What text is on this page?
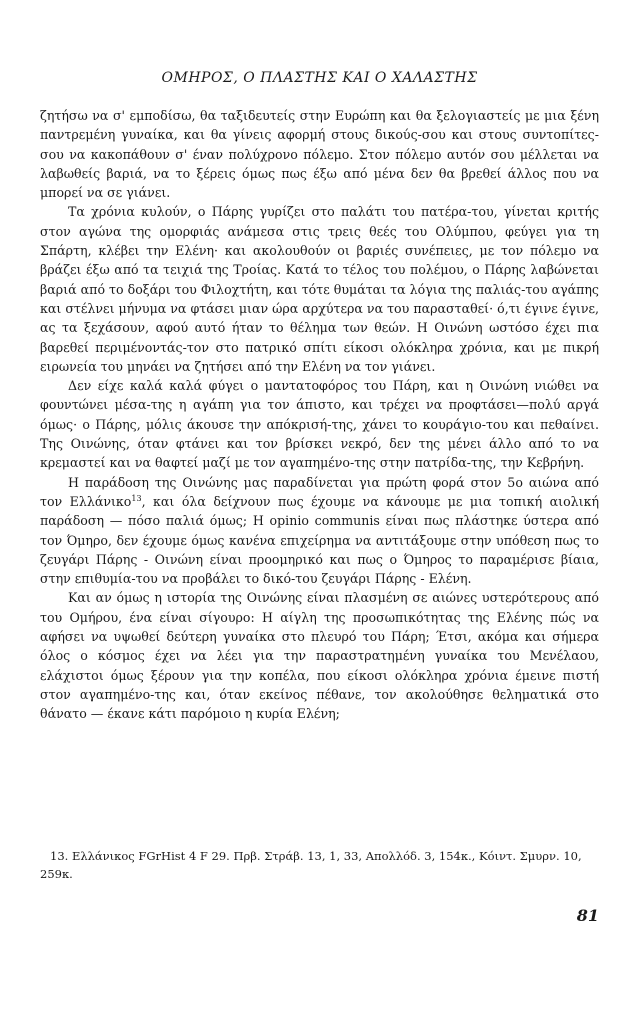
ΟΜΗΡΟΣ, Ο ΠΛΑΣΤΗΣ ΚΑΙ Ο ΧΑΛΑΣΤΗΣ

ζητήσω να σ' εμποδίσω, θα ταξιδευτείς στην Ευρώπη και θα ξελογιαστείς με μια ξένη παντρεμένη γυναίκα, και θα γίνεις αφορμή στους δικούς-σου και στους συντοπίτες-σου να κακοπάθουν σ' έναν πολύχρονο πόλεμο. Στον πόλεμο αυτόν σου μέλλεται να λαβωθείς βαριά, να το ξέρεις όμως πως έξω από μένα δεν θα βρεθεί άλλος που να μπορεί να σε γιάνει.

Τα χρόνια κυλούν, ο Πάρης γυρίζει στο παλάτι του πατέρα-του, γίνεται κριτής στον αγώνα της ομορφιάς ανάμεσα στις τρεις θεές του Ολύμπου, φεύγει για τη Σπάρτη, κλέβει την Ελένη· και ακολουθούν οι βαριές συνέπειες, με τον πόλεμο να βράζει έξω από τα τειχιά της Τροίας. Κατά το τέλος του πολέμου, ο Πάρης λαβώνεται βαριά από το δοξάρι του Φιλοχτήτη, και τότε θυμάται τα λόγια της παλιάς-του αγάπης και στέλνει μήνυμα να φτάσει μιαν ώρα αρχύτερα να του παρασταθεί· ό,τι έγινε έγινε, ας τα ξεχάσουν, αφού αυτό ήταν το θέλημα των θεών. Η Οινώνη ωστόσο έχει πια βαρεθεί περιμένοντάς-τον στο πατρικό σπίτι είκοσι ολόκληρα χρόνια, και με πικρή ειρωνεία του μηνάει να ζητήσει από την Ελένη να τον γιάνει.

Δεν είχε καλά καλά φύγει ο μαντατοφόρος του Πάρη, και η Οινώνη νιώθει να φουντώνει μέσα-της η αγάπη για τον άπιστο, και τρέχει να προφτάσει—πολύ αργά όμως· ο Πάρης, μόλις άκουσε την απόκρισή-της, χάνει το κουράγιο-του και πεθαίνει. Της Οινώνης, όταν φτάνει και τον βρίσκει νεκρό, δεν της μένει άλλο από το να κρεμαστεί και να θαφτεί μαζί με τον αγαπημένο-της στην πατρίδα-της, την Κεβρήνη.

Η παράδοση της Οινώνης μας παραδίνεται για πρώτη φορά στον 5ο αιώνα από τον Ελλάνικο$^{13}$, και όλα δείχνουν πως έχουμε να κάνουμε με μια τοπική αιολική παράδοση — πόσο παλιά όμως; Η opinio communis είναι πως πλάστηκε ύστερα από τον Όμηρο, δεν έχουμε όμως κανένα επιχείρημα να αντιτάξουμε στην υπόθεση πως το ζευγάρι Πάρης - Οινώνη είναι προομηρικό και πως ο Όμηρος το παραμέρισε βίαια, στην επιθυμία-του να προβάλει το δικό-του ζευγάρι Πάρης - Ελένη.

Και αν όμως η ιστορία της Οινώνης είναι πλασμένη σε αιώνες υστερότερους από του Ομήρου, ένα είναι σίγουρο: Η αίγλη της προσωπικότητας της Ελένης πώς να αφήσει να υψωθεί δεύτερη γυναίκα στο πλευρό του Πάρη; Έτσι, ακόμα και σήμερα όλος ο κόσμος έχει να λέει για την παραστρατημένη γυναίκα του Μενέλαου, ελάχιστοι όμως ξέρουν για την κοπέλα, που είκοσι ολόκληρα χρόνια έμεινε πιστή στον αγαπημένο-της και, όταν εκείνος πέθανε, τον ακολούθησε θεληματικά στο θάνατο — έκανε κάτι παρόμοιο η κυρία Ελένη;

13. Ελλάνικος FGrHist 4 F 29. Πρβ. Στράβ. 13, 1, 33, Απολλόδ. 3, 154κ., Κόιντ. Σμυρν. 10, 259κ.

81
